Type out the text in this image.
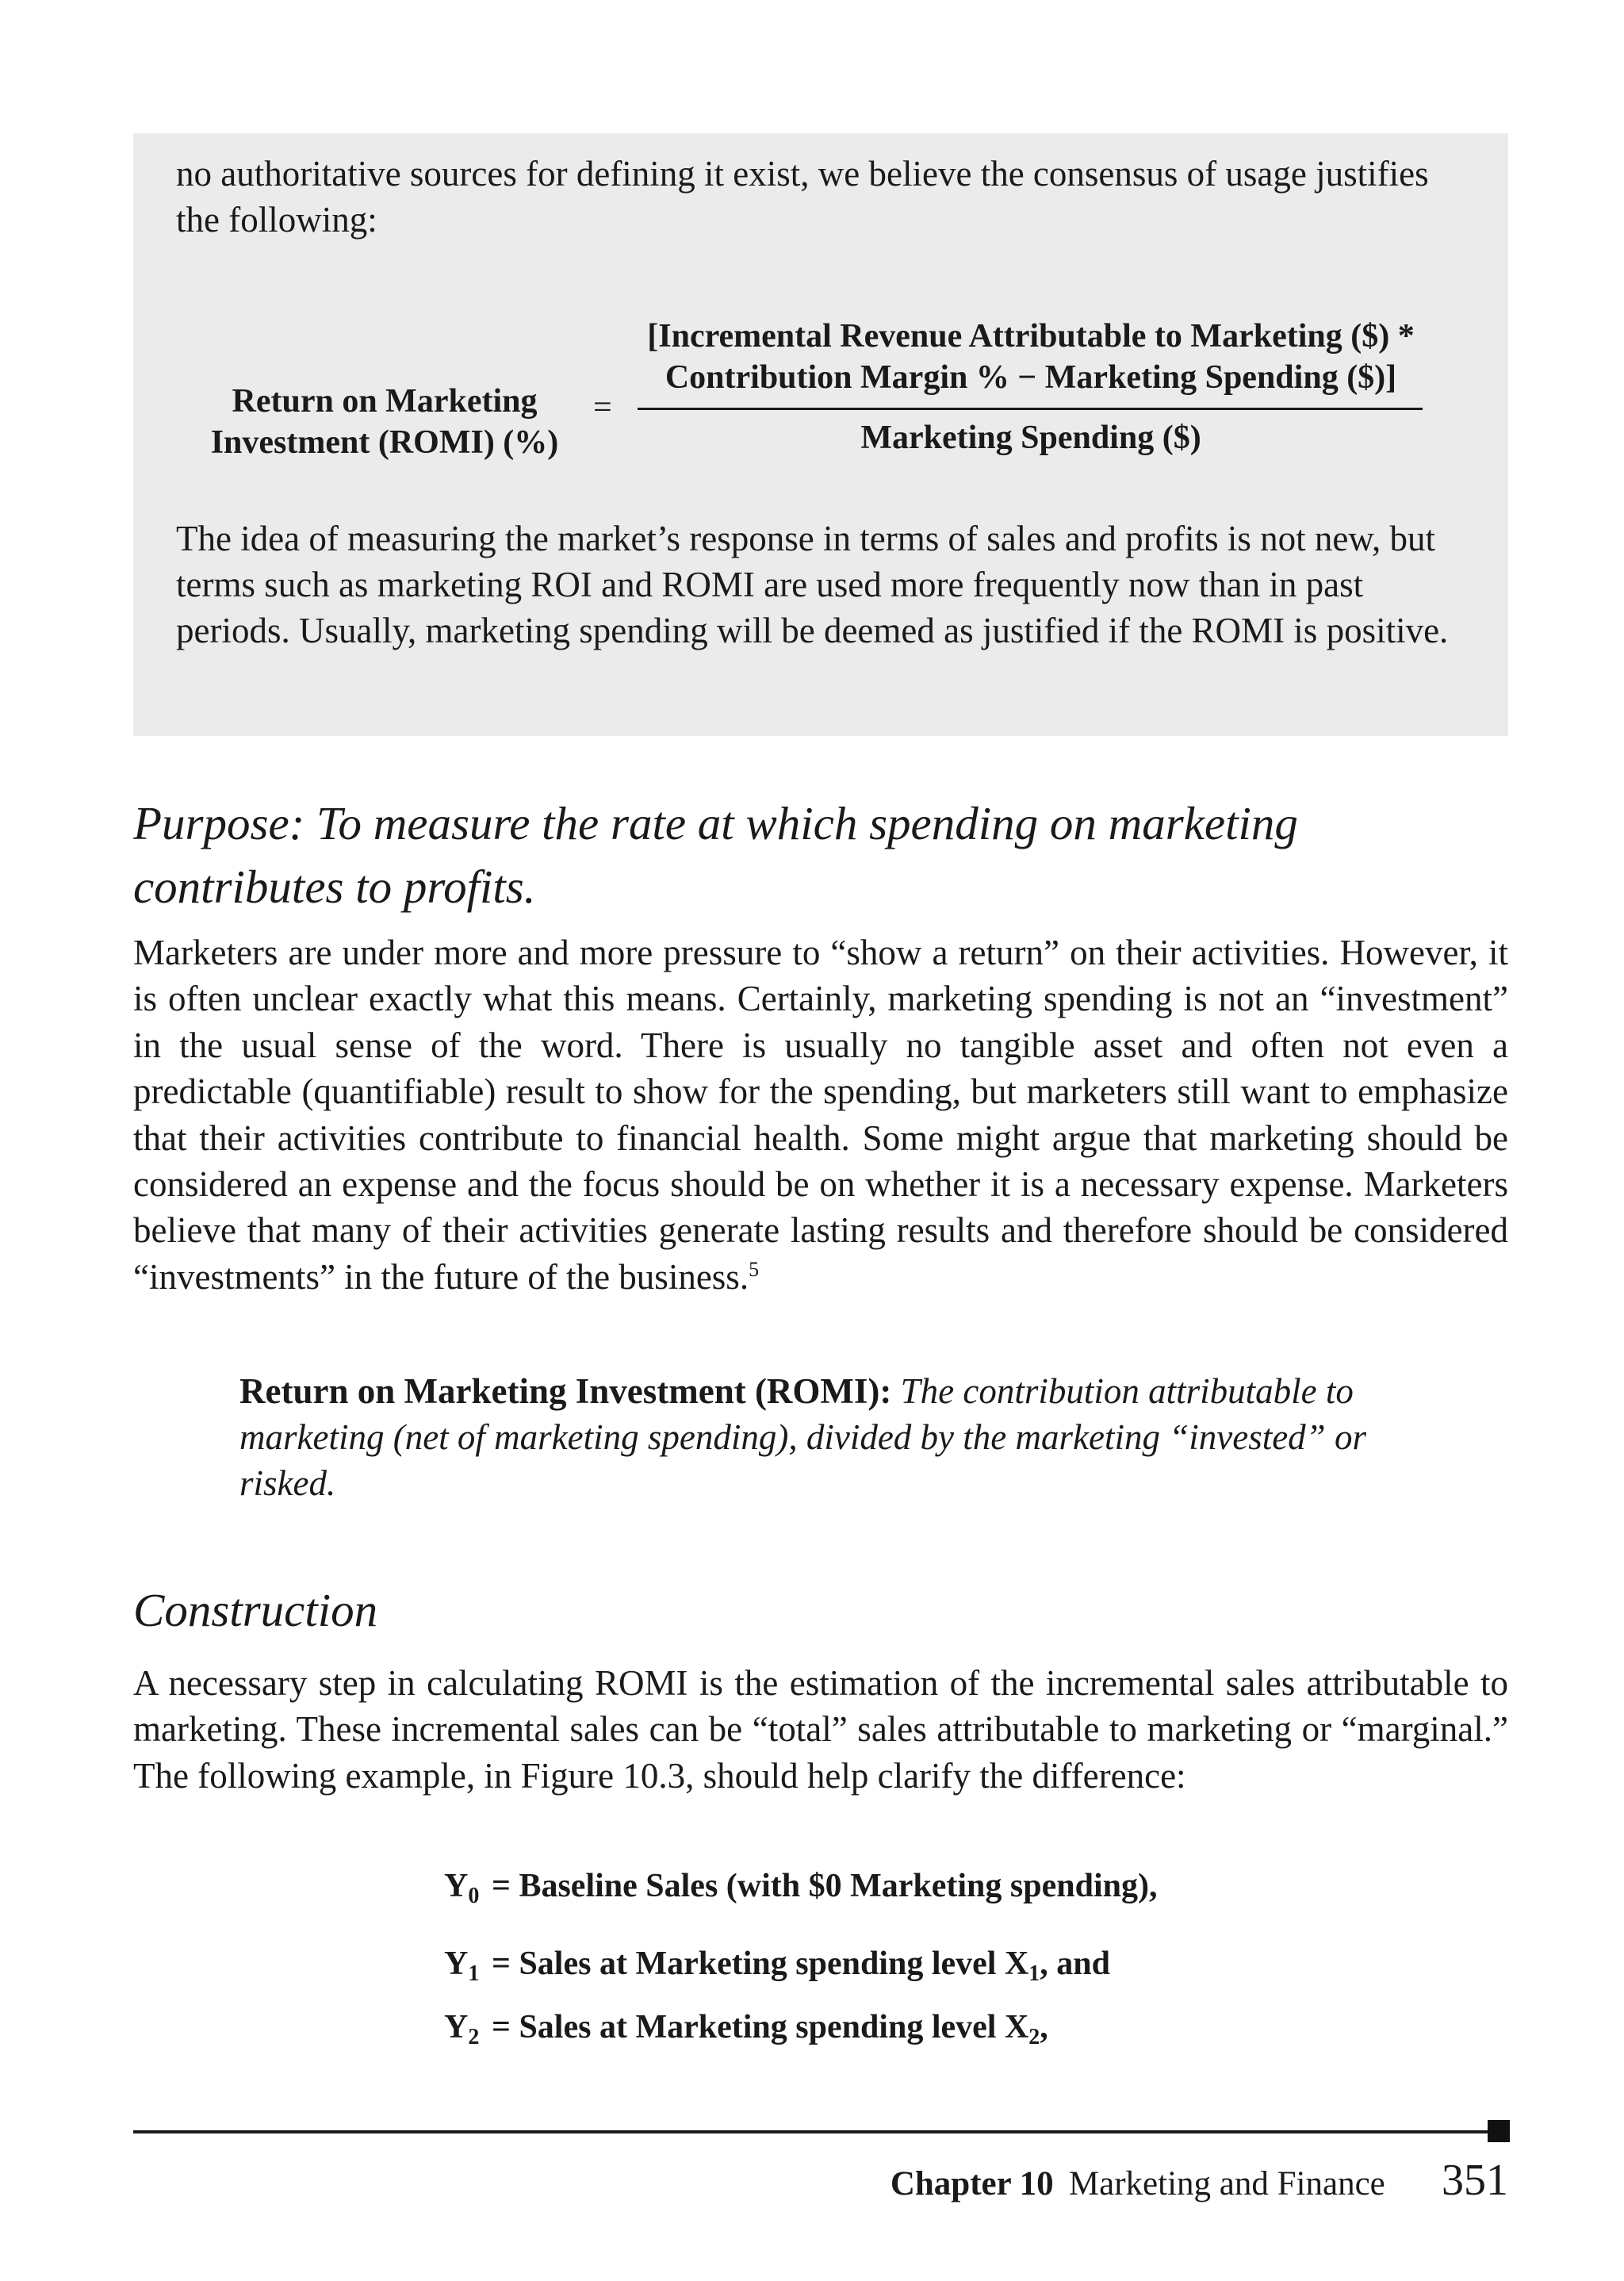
no authoritative sources for defining it exist, we believe the consensus of usage justifies the following:

Return on Marketing
Investment (ROMI) (%)
=
[Incremental Revenue Attributable to Marketing ($) *
Contribution Margin % − Marketing Spending ($)]
Marketing Spending ($)

The idea of measuring the market’s response in terms of sales and profits is not new, but terms such as marketing ROI and ROMI are used more frequently now than in past periods. Usually, marketing spending will be deemed as justified if the ROMI is positive.

Purpose: To measure the rate at which spending on marketing contributes to profits.

Marketers are under more and more pressure to “show a return” on their activities. However, it is often unclear exactly what this means. Certainly, marketing spending is not an “investment” in the usual sense of the word. There is usually no tangible asset and often not even a predictable (quantifiable) result to show for the spending, but marketers still want to emphasize that their activities contribute to financial health. Some might argue that marketing should be considered an expense and the focus should be on whether it is a necessary expense. Marketers believe that many of their activities generate lasting results and therefore should be considered “investments” in the future of the business.$^5$

Return on Marketing Investment (ROMI): The contribution attributable to marketing (net of marketing spending), divided by the marketing “invested” or risked.

Construction

A necessary step in calculating ROMI is the estimation of the incremental sales attributable to marketing. These incremental sales can be “total” sales attributable to marketing or “marginal.” The following example, in Figure 10.3, should help clarify the difference:

$Y_0$ = Baseline Sales (with $0 Marketing spending),
$Y_1$ = Sales at Marketing spending level $X_1$, and
$Y_2$ = Sales at Marketing spending level $X_2$,
Chapter 10 Marketing and Finance 351
